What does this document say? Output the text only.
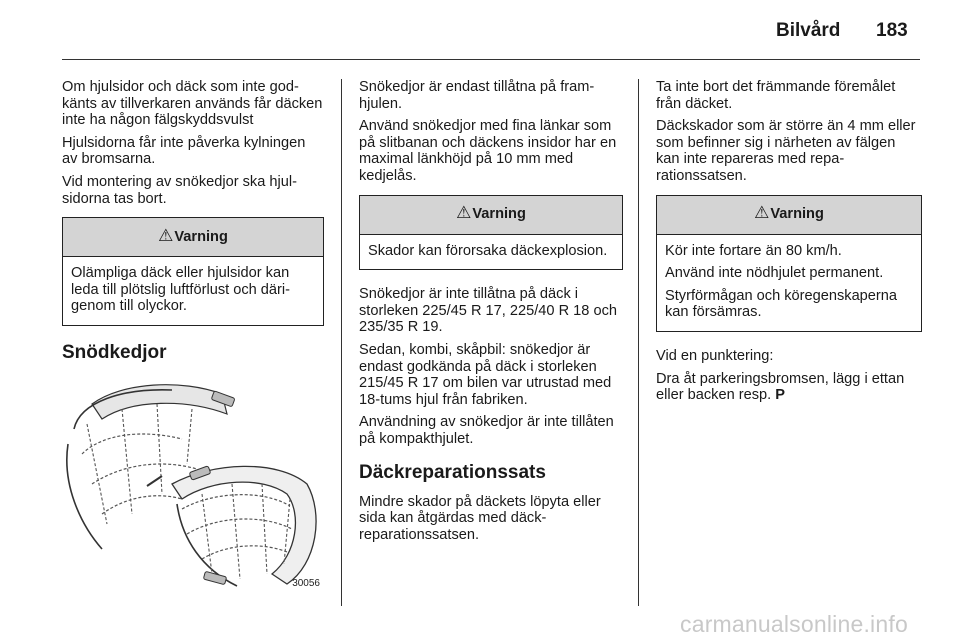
Bilvård 183

Om hjulsidor och däck som inte godkänts av tillverkaren används får däcken inte ha någon fälgskyddsvulst

Hjulsidorna får inte påverka kylningen av bromsarna.

Vid montering av snökedjor ska hjulsidorna tas bort.

⚠ Varning

Olämpliga däck eller hjulsidor kan leda till plötslig luftförlust och därigenom till olyckor.

Snödkedjor
30056

Snökedjor är endast tillåtna på framhjulen.

Använd snökedjor med fina länkar som på slitbanan och däckens insidor har en maximal länkhöjd på 10 mm med kedjelås.

⚠ Varning

Skador kan förorsaka däckexplosion.

Snökedjor är inte tillåtna på däck i storleken 225/45 R 17, 225/40 R 18 och 235/35 R 19.

Sedan, kombi, skåpbil: snökedjor är endast godkända på däck i storleken 215/45 R 17 om bilen var utrustad med 18-tums hjul från fabriken.

Användning av snökedjor är inte tillåten på kompakthjulet.

Däckreparationssats

Mindre skador på däckets löpyta eller sida kan åtgärdas med däckreparationssatsen.

Ta inte bort det främmande föremålet från däcket.

Däckskador som är större än 4 mm eller som befinner sig i närheten av fälgen kan inte repareras med reparationssatsen.

⚠ Varning

Kör inte fortare än 80 km/h.

Använd inte nödhjulet permanent.

Styrförmågan och köregenskaperna kan försämras.

Vid en punktering:

Dra åt parkeringsbromsen, lägg i ettan eller backen resp. P

carmanualsonline.info
